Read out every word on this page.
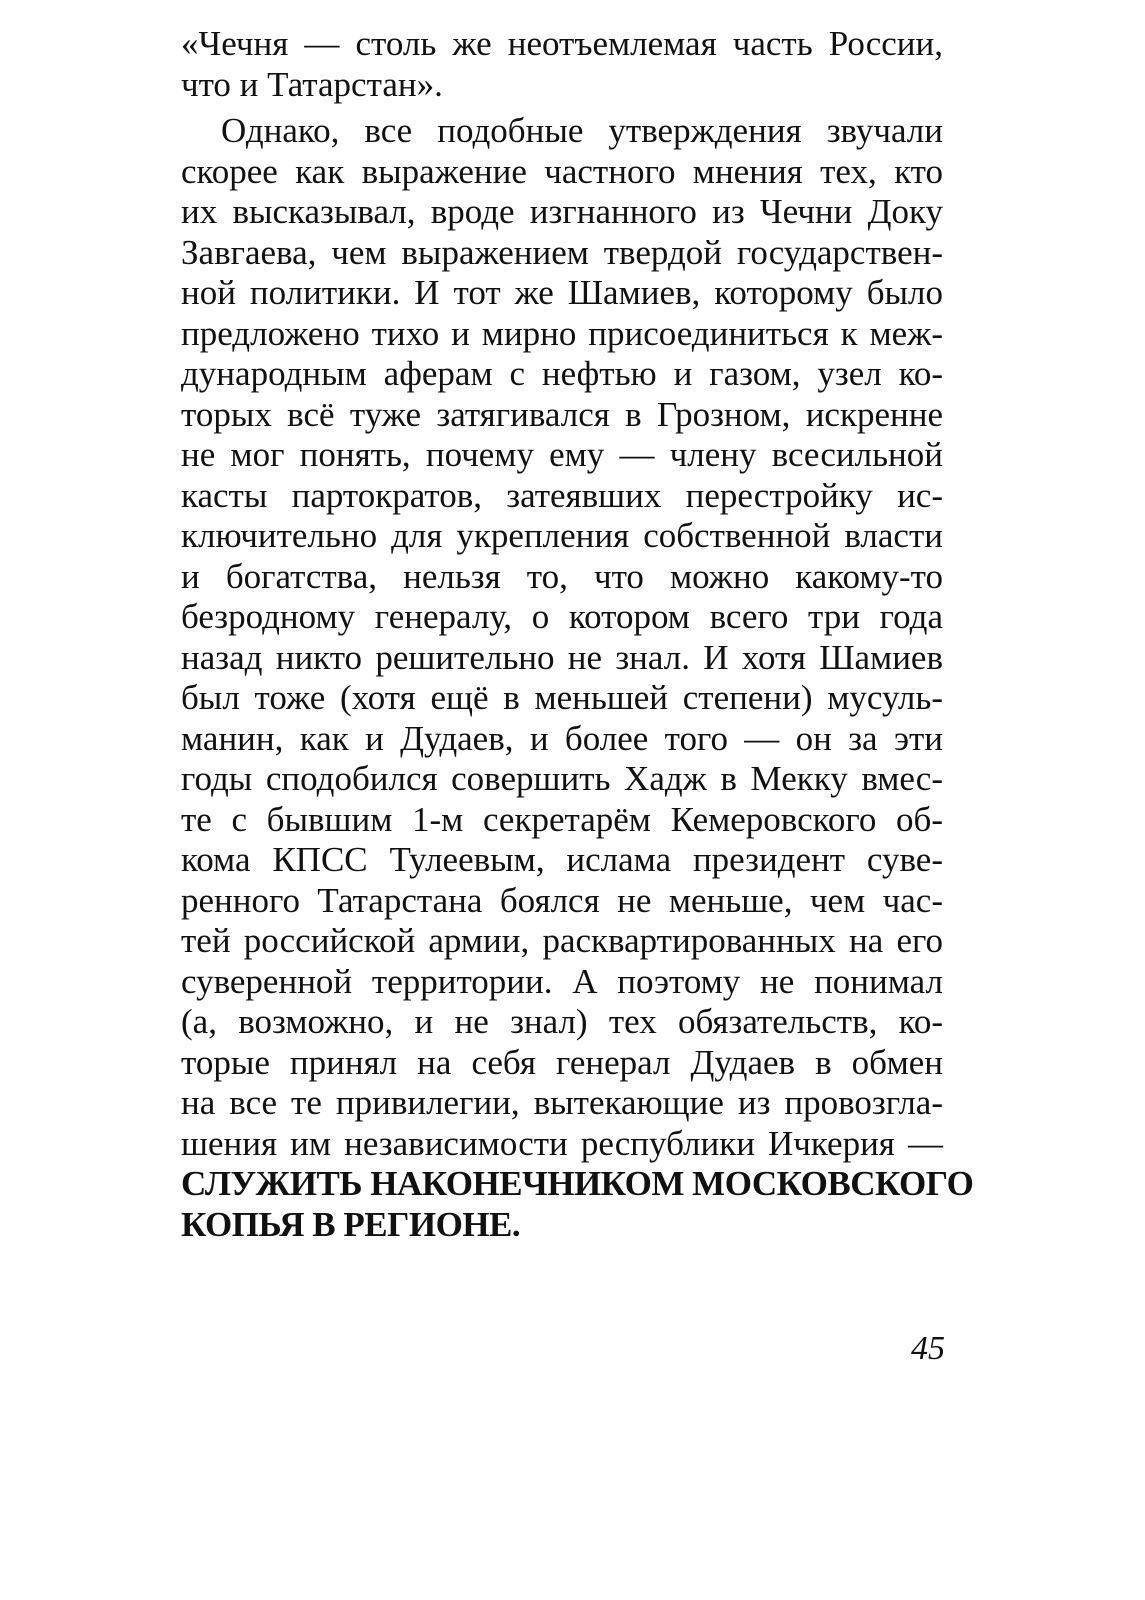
«Чечня — столь же неотъемлемая часть России,
что и Татарстан».
Однако, все подобные утверждения звучали
скорее как выражение частного мнения тех, кто
их высказывал, вроде изгнанного из Чечни Доку
Завгаева, чем выражением твердой государствен-
ной политики. И тот же Шамиев, которому было
предложено тихо и мирно присоединиться к меж-
дународным аферам с нефтью и газом, узел ко-
торых всё туже затягивался в Грозном, искренне
не мог понять, почему ему — члену всесильной
касты партократов, затеявших перестройку ис-
ключительно для укрепления собственной власти
и богатства, нельзя то, что можно какому-то
безродному генералу, о котором всего три года
назад никто решительно не знал. И хотя Шамиев
был тоже (хотя ещё в меньшей степени) мусуль-
манин, как и Дудаев, и более того — он за эти
годы сподобился совершить Хадж в Мекку вмес-
те с бывшим 1-м секретарём Кемеровского об-
кома КПСС Тулеевым, ислама президент суве-
ренного Татарстана боялся не меньше, чем час-
тей российской армии, расквартированных на его
суверенной территории. А поэтому не понимал
(а, возможно, и не знал) тех обязательств, ко-
торые принял на себя генерал Дудаев в обмен
на все те привилегии, вытекающие из провозгла-
шения им независимости республики Ичкерия —
СЛУЖИТЬ НАКОНЕЧНИКОМ МОСКОВСКОГО
КОПЬЯ В РЕГИОНЕ.
45
